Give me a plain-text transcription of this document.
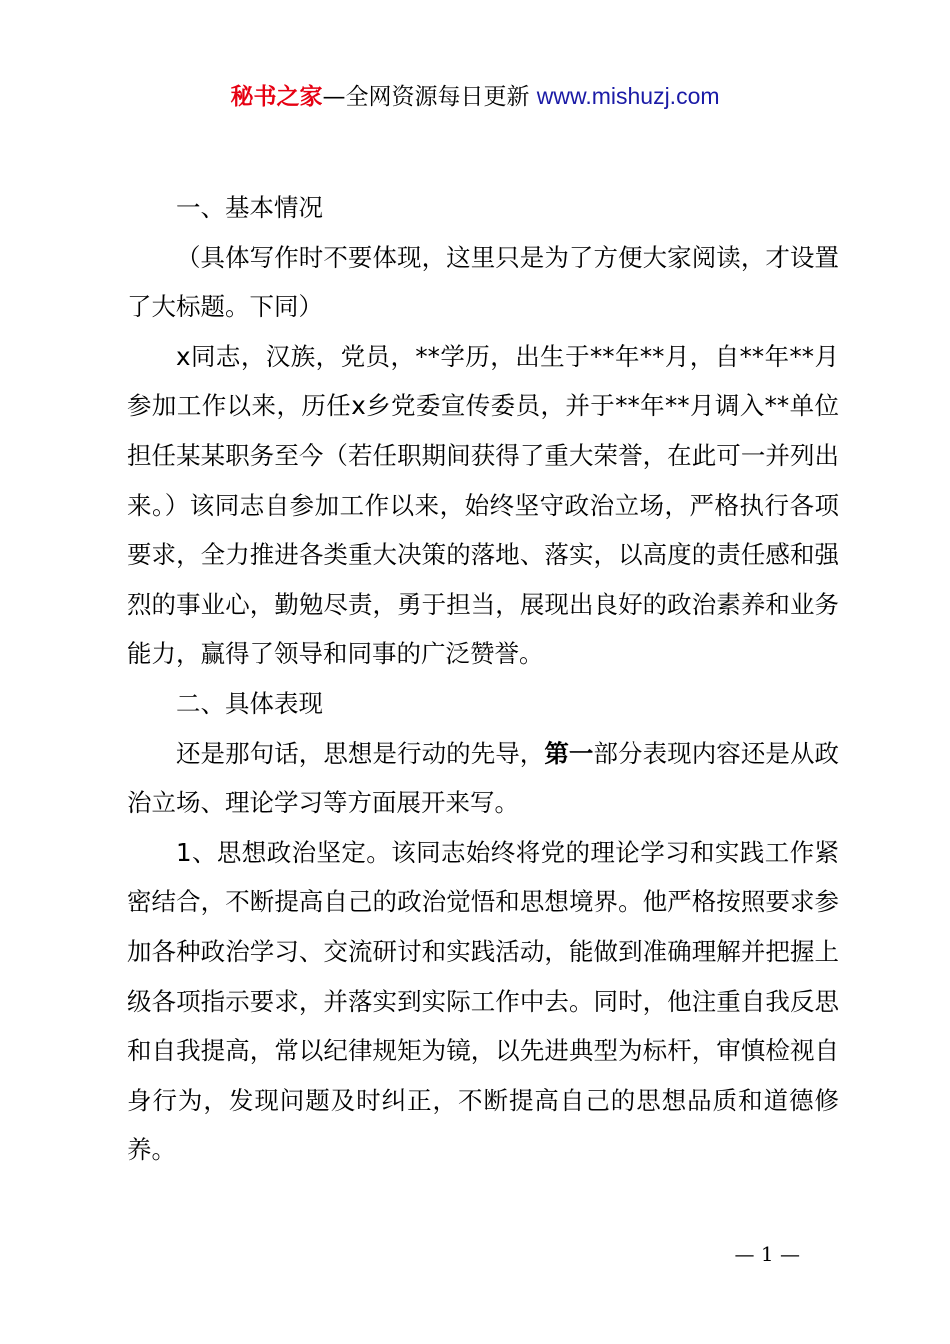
秘书之家—全网资源每日更新 www.mishuzj.com

一、基本情况

（具体写作时不要体现，这里只是为了方便大家阅读，才设置了大标题。下同）

x同志，汉族，党员，**学历，出生于**年**月，自**年**月参加工作以来，历任x乡党委宣传委员，并于**年**月调入**单位担任某某职务至今（若任职期间获得了重大荣誉，在此可一并列出来。）该同志自参加工作以来，始终坚守政治立场，严格执行各项要求，全力推进各类重大决策的落地、落实，以高度的责任感和强烈的事业心，勤勉尽责，勇于担当，展现出良好的政治素养和业务能力，赢得了领导和同事的广泛赞誉。

二、具体表现

还是那句话，思想是行动的先导，第一部分表现内容还是从政治立场、理论学习等方面展开来写。

1、思想政治坚定。该同志始终将党的理论学习和实践工作紧密结合，不断提高自己的政治觉悟和思想境界。他严格按照要求参加各种政治学习、交流研讨和实践活动，能做到准确理解并把握上级各项指示要求，并落实到实际工作中去。同时，他注重自我反思和自我提高，常以纪律规矩为镜，以先进典型为标杆，审慎检视自身行为，发现问题及时纠正，不断提高自己的思想品质和道德修养。

— 1 —
